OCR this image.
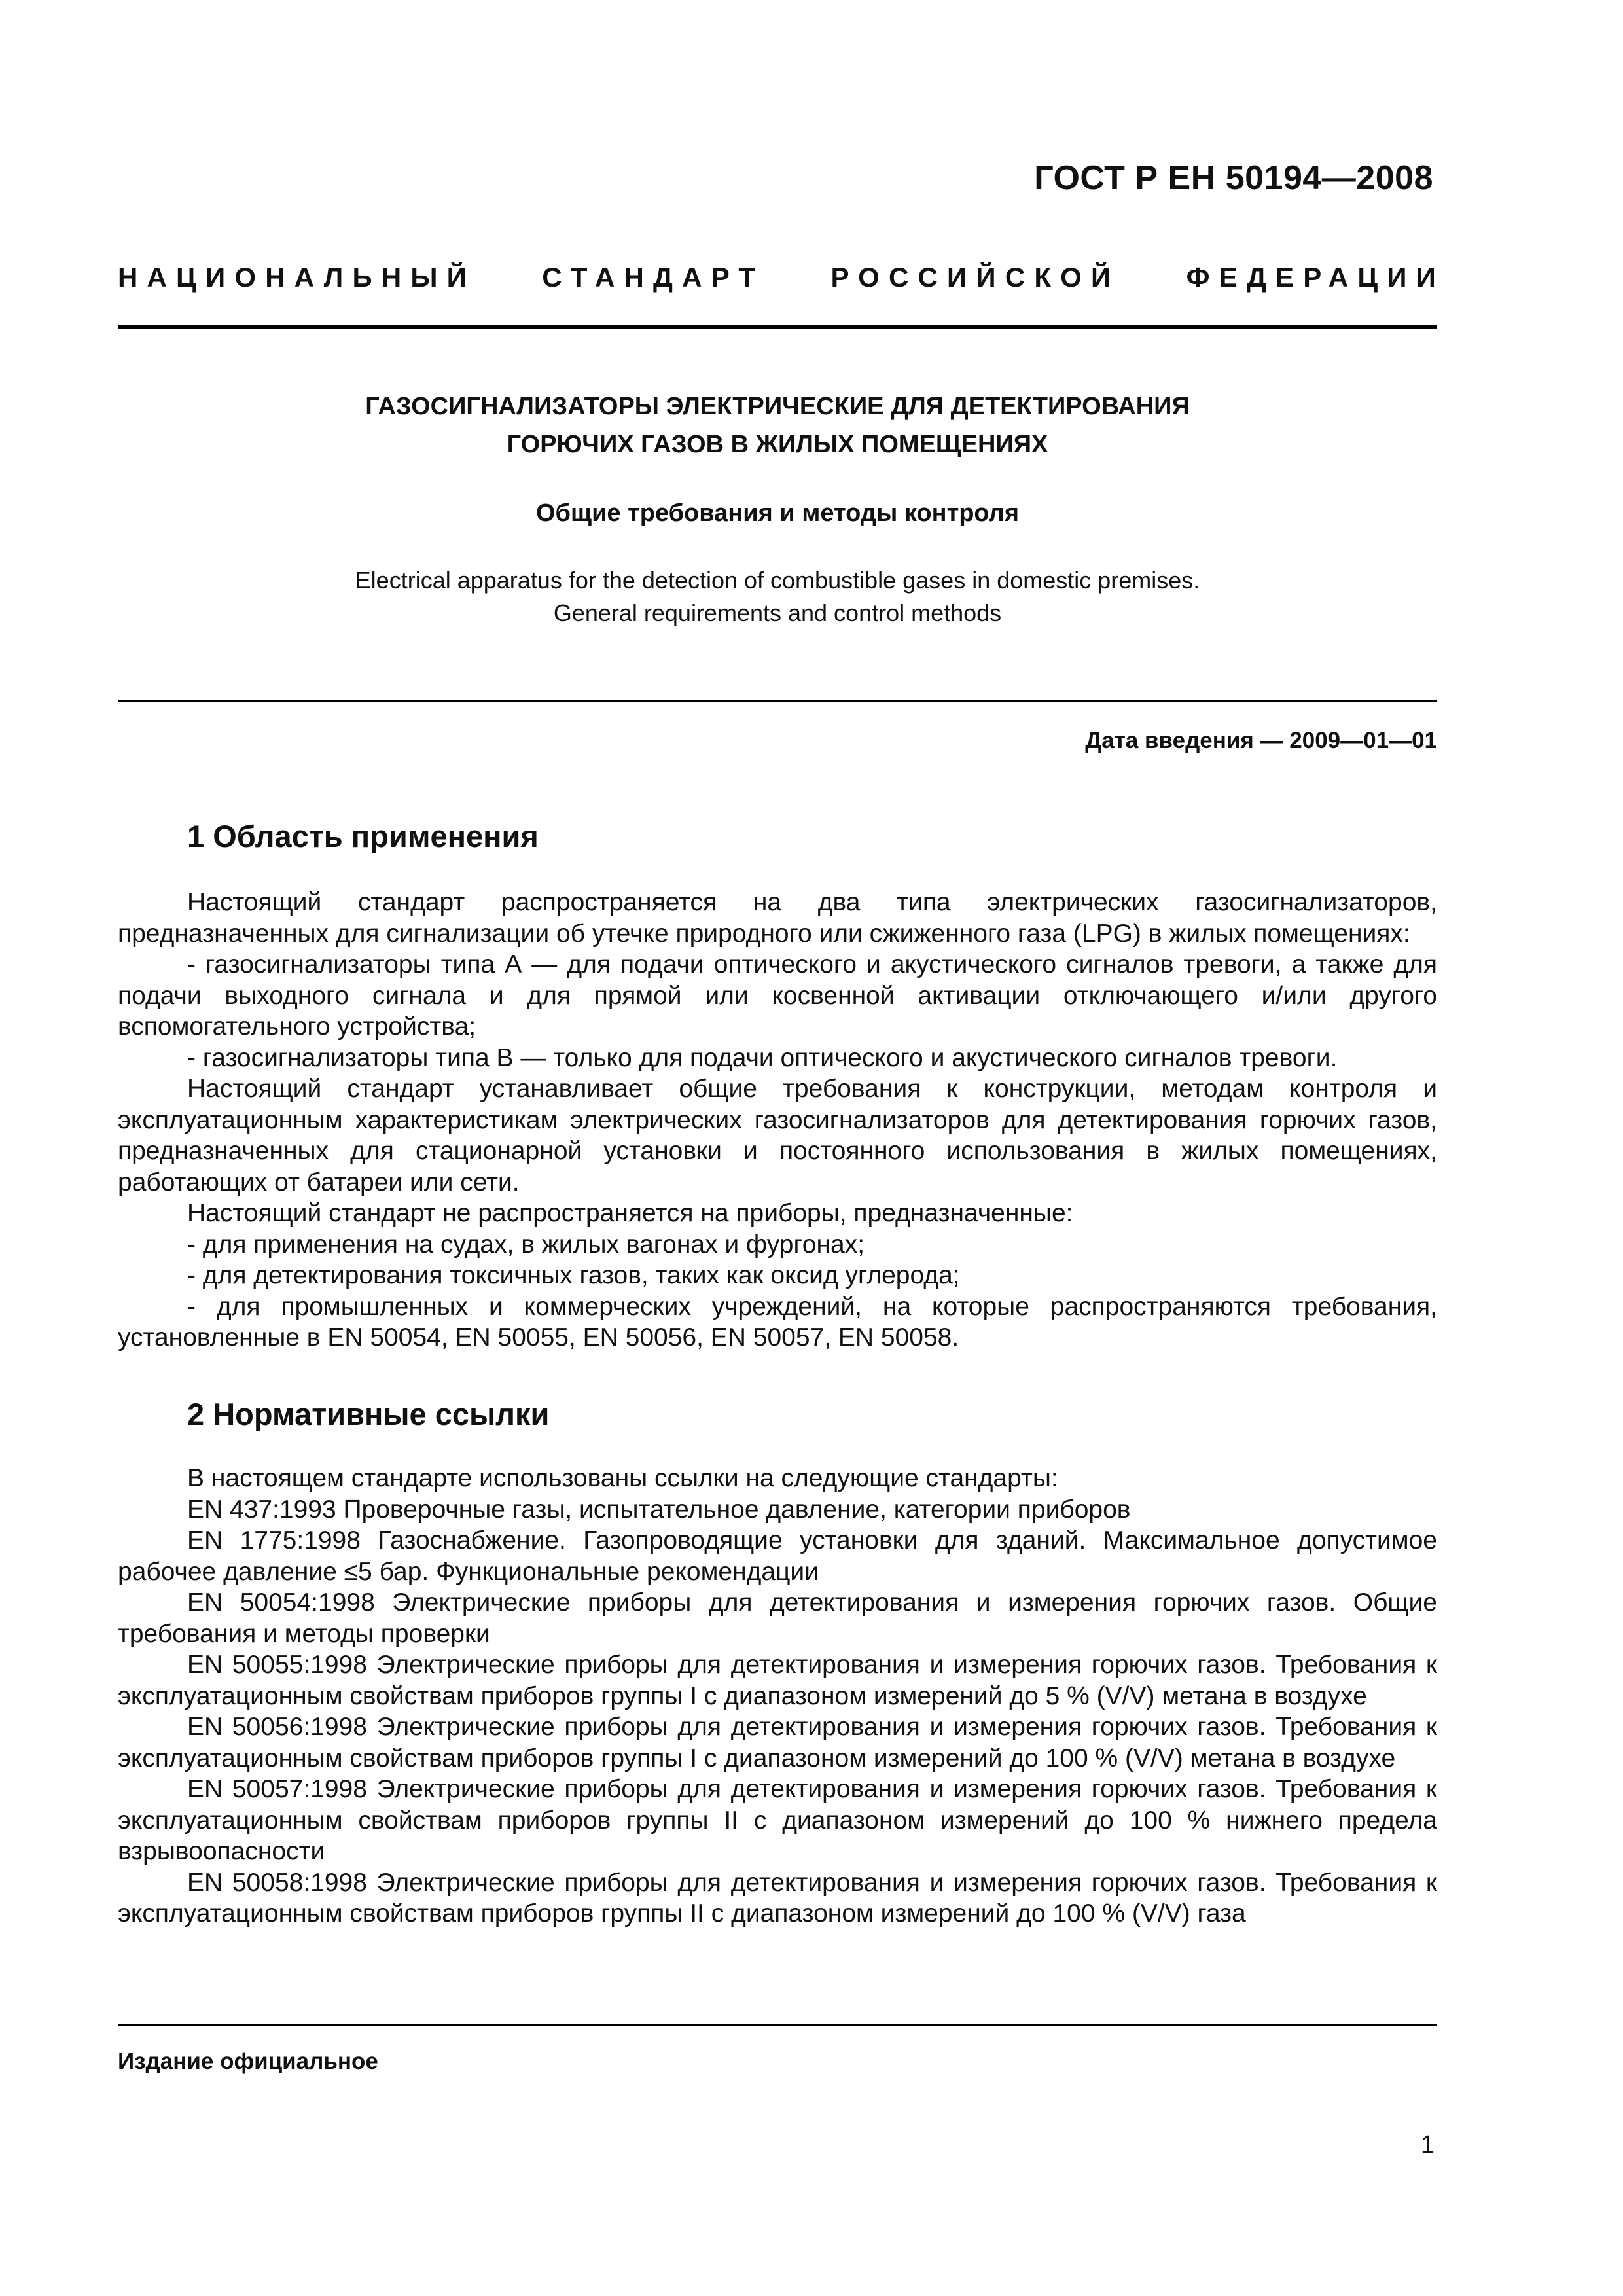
ГОСТ Р ЕН 50194—2008
НАЦИОНАЛЬНЫЙ СТАНДАРТ РОССИЙСКОЙ ФЕДЕРАЦИИ
ГАЗОСИГНАЛИЗАТОРЫ ЭЛЕКТРИЧЕСКИЕ ДЛЯ ДЕТЕКТИРОВАНИЯ
ГОРЮЧИХ ГАЗОВ В ЖИЛЫХ ПОМЕЩЕНИЯХ
Общие требования и методы контроля
Electrical apparatus for the detection of combustible gases in domestic premises.
General requirements and control methods
Дата введения — 2009—01—01
1 Область применения

Настоящий стандарт распространяется на два типа электрических газосигнализаторов, предназначенных для сигнализации об утечке природного или сжиженного газа (LPG) в жилых помещениях:

- газосигнализаторы типа А — для подачи оптического и акустического сигналов тревоги, а также для подачи выходного сигнала и для прямой или косвенной активации отключающего и/или другого вспомогательного устройства;

- газосигнализаторы типа В — только для подачи оптического и акустического сигналов тревоги.

Настоящий стандарт устанавливает общие требования к конструкции, методам контроля и эксплуатационным характеристикам электрических газосигнализаторов для детектирования горючих газов, предназначенных для стационарной установки и постоянного использования в жилых помещениях, работающих от батареи или сети.

Настоящий стандарт не распространяется на приборы, предназначенные:

- для применения на судах, в жилых вагонах и фургонах;

- для детектирования токсичных газов, таких как оксид углерода;

- для промышленных и коммерческих учреждений, на которые распространяются требования, установленные в EN 50054, EN 50055, EN 50056, EN 50057, EN 50058.

2 Нормативные ссылки

В настоящем стандарте использованы ссылки на следующие стандарты:

EN 437:1993 Проверочные газы, испытательное давление, категории приборов

EN 1775:1998 Газоснабжение. Газопроводящие установки для зданий. Максимальное допустимое рабочее давление ≤5 бар. Функциональные рекомендации

EN 50054:1998 Электрические приборы для детектирования и измерения горючих газов. Общие требования и методы проверки

EN 50055:1998 Электрические приборы для детектирования и измерения горючих газов. Требования к эксплуатационным свойствам приборов группы I с диапазоном измерений до 5 % (V/V) метана в воздухе

EN 50056:1998 Электрические приборы для детектирования и измерения горючих газов. Требования к эксплуатационным свойствам приборов группы I с диапазоном измерений до 100 % (V/V) метана в воздухе

EN 50057:1998 Электрические приборы для детектирования и измерения горючих газов. Требования к эксплуатационным свойствам приборов группы II с диапазоном измерений до 100 % нижнего предела взрывоопасности

EN 50058:1998 Электрические приборы для детектирования и измерения горючих газов. Требования к эксплуатационным свойствам приборов группы II с диапазоном измерений до 100 % (V/V) газа

Издание официальное
1
